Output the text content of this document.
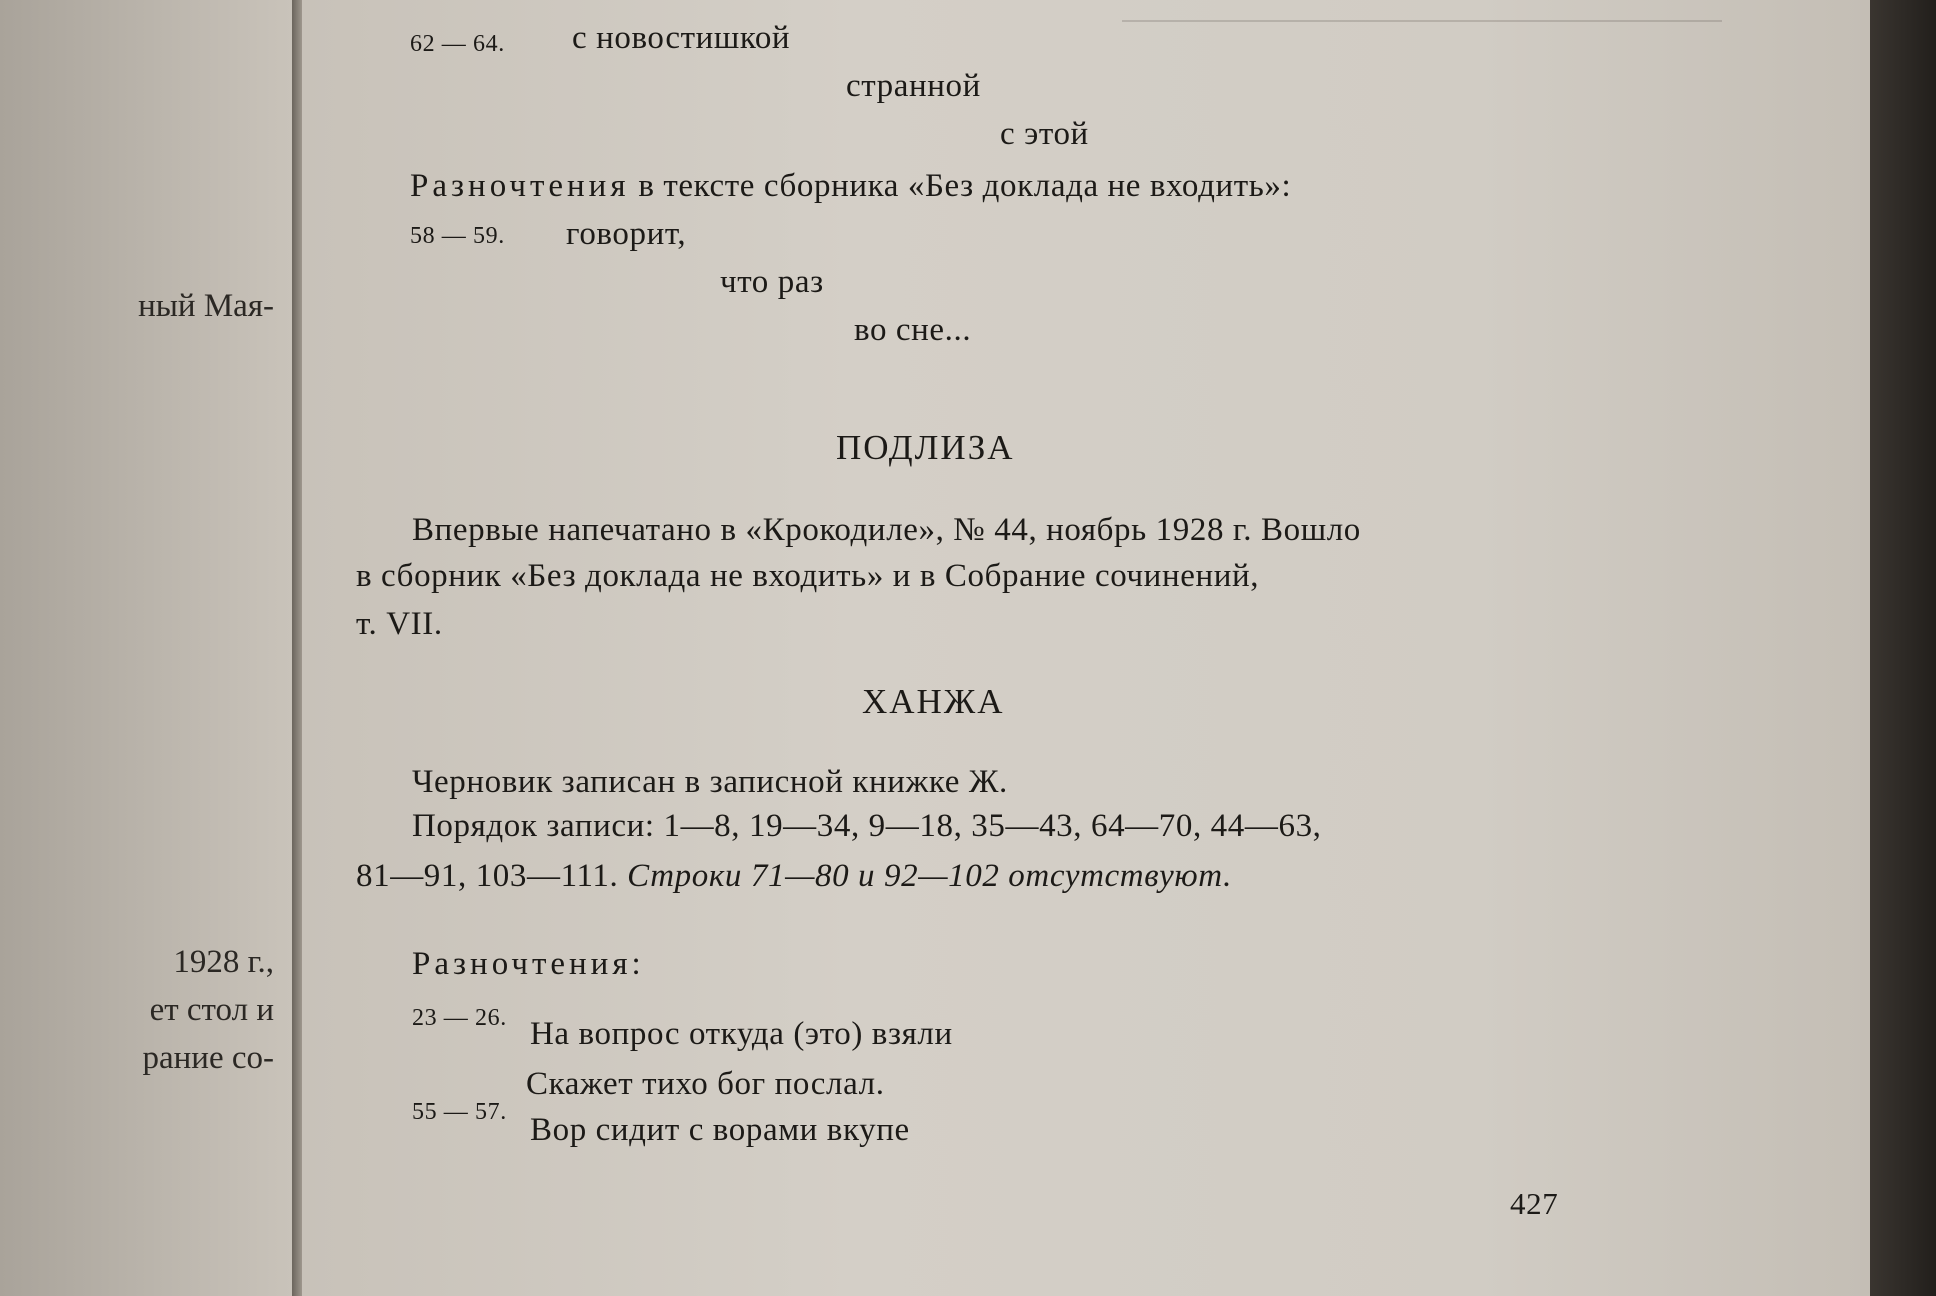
ный Мая-
1928 г.,
ет стол и
рание со-
62 — 64. с новостишкой
странной
с этой
Разночтения в тексте сборника «Без доклада не входить»:
58 — 59. говорит,
что раз
во сне...
ПОДЛИЗА
Впервые напечатано в «Крокодиле», № 44, ноябрь 1928 г. Вошло
в сборник «Без доклада не входить» и в Собрание сочинений,
т. VII.
ХАНЖА
Черновик записан в записной книжке Ж.
Порядок записи: 1—8, 19—34, 9—18, 35—43, 64—70, 44—63,
81—91, 103—111. Строки 71—80 и 92—102 отсутствуют.
Разночтения:
23 — 26. На вопрос откуда (это) взяли
Скажет тихо бог послал.
55 — 57. Вор сидит с ворами вкупе
427
